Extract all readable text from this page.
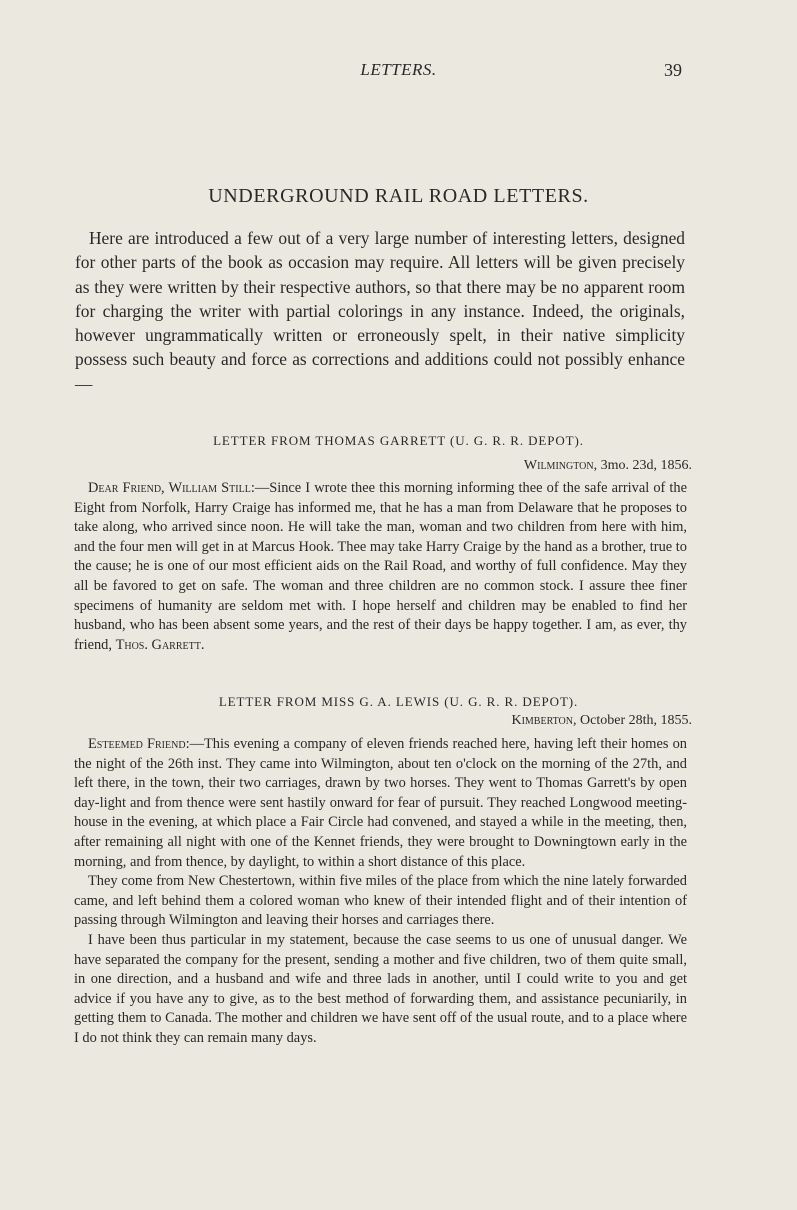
LETTERS.	39
UNDERGROUND RAIL ROAD LETTERS.

Here are introduced a few out of a very large number of interesting letters, designed for other parts of the book as occasion may require. All letters will be given precisely as they were written by their respective authors, so that there may be no apparent room for charging the writer with partial colorings in any instance. Indeed, the originals, however ungrammatically written or erroneously spelt, in their native simplicity possess such beauty and force as corrections and additions could not possibly enhance—

LETTER FROM THOMAS GARRETT (U. G. R. R. DEPOT).
Wilmington, 3mo. 23d, 1856.

Dear Friend, William Still:—Since I wrote thee this morning informing thee of the safe arrival of the Eight from Norfolk, Harry Craige has informed me, that he has a man from Delaware that he proposes to take along, who arrived since noon. He will take the man, woman and two children from here with him, and the four men will get in at Marcus Hook. Thee may take Harry Craige by the hand as a brother, true to the cause; he is one of our most efficient aids on the Rail Road, and worthy of full confidence. May they all be favored to get on safe. The woman and three children are no common stock. I assure thee finer specimens of humanity are seldom met with. I hope herself and children may be enabled to find her husband, who has been absent some years, and the rest of their days be happy together. I am, as ever, thy friend, Thos. Garrett.

LETTER FROM MISS G. A. LEWIS (U. G. R. R. DEPOT).
Kimberton, October 28th, 1855.

Esteemed Friend:—This evening a company of eleven friends reached here, having left their homes on the night of the 26th inst. They came into Wilmington, about ten o'clock on the morning of the 27th, and left there, in the town, their two carriages, drawn by two horses. They went to Thomas Garrett's by open day-light and from thence were sent hastily onward for fear of pursuit. They reached Longwood meeting-house in the evening, at which place a Fair Circle had convened, and stayed a while in the meeting, then, after remaining all night with one of the Kennet friends, they were brought to Downingtown early in the morning, and from thence, by daylight, to within a short distance of this place.

They come from New Chestertown, within five miles of the place from which the nine lately forwarded came, and left behind them a colored woman who knew of their intended flight and of their intention of passing through Wilmington and leaving their horses and carriages there.

I have been thus particular in my statement, because the case seems to us one of unusual danger. We have separated the company for the present, sending a mother and five children, two of them quite small, in one direction, and a husband and wife and three lads in another, until I could write to you and get advice if you have any to give, as to the best method of forwarding them, and assistance pecuniarily, in getting them to Canada. The mother and children we have sent off of the usual route, and to a place where I do not think they can remain many days.
